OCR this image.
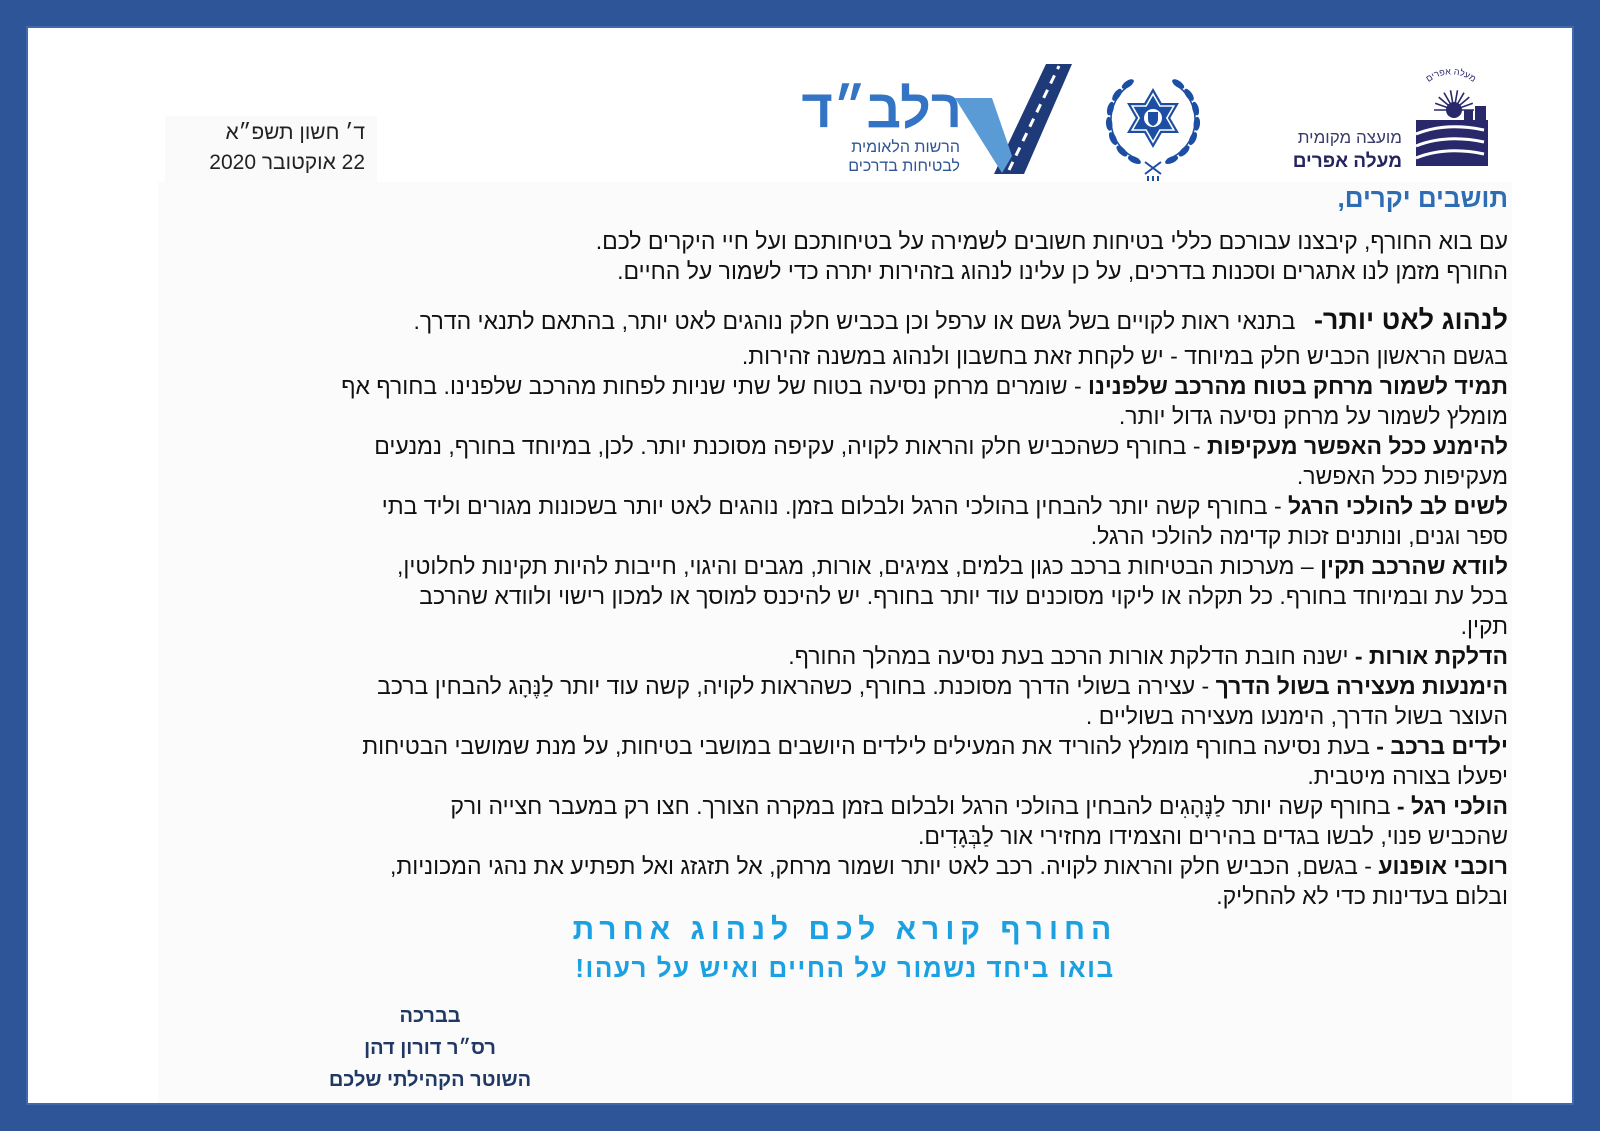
ד׳ חשון תשפ״א
22 אוקטובר 2020
רלב״ד
הרשות הלאומית
לבטיחות בדרכים
מעלה אפרים
מועצה מקומית
מעלה אפרים
תושבים יקרים,
עם בוא החורף, קיבצנו עבורכם כללי בטיחות חשובים לשמירה על בטיחותכם ועל חיי היקרים לכם.
החורף מזמן לנו אתגרים וסכנות בדרכים, על כן עלינו לנהוג בזהירות יתרה כדי לשמור על החיים.
לנהוג לאט יותר- בתנאי ראות לקויים בשל גשם או ערפל וכן בכביש חלק נוהגים לאט יותר, בהתאם לתנאי הדרך.
בגשם הראשון הכביש חלק במיוחד - יש לקחת זאת בחשבון ולנהוג במשנה זהירות.
תמיד לשמור מרחק בטוח מהרכב שלפנינו - שומרים מרחק נסיעה בטוח של שתי שניות לפחות מהרכב שלפנינו. בחורף אף
מומלץ לשמור על מרחק נסיעה גדול יותר.
להימנע ככל האפשר מעקיפות - בחורף כשהכביש חלק והראות לקויה, עקיפה מסוכנת יותר. לכן, במיוחד בחורף, נמנעים
מעקיפות ככל האפשר.
לשים לב להולכי הרגל - בחורף קשה יותר להבחין בהולכי הרגל ולבלום בזמן. נוהגים לאט יותר בשכונות מגורים וליד בתי
ספר וגנים, ונותנים זכות קדימה להולכי הרגל.
לוודא שהרכב תקין – מערכות הבטיחות ברכב כגון בלמים, צמיגים, אורות, מגבים והיגוי, חייבות להיות תקינות לחלוטין,
בכל עת ובמיוחד בחורף. כל תקלה או ליקוי מסוכנים עוד יותר בחורף. יש להיכנס למוסך או למכון רישוי ולוודא שהרכב
תקין.
הדלקת אורות - ישנה חובת הדלקת אורות הרכב בעת נסיעה במהלך החורף.
הימנעות מעצירה בשול הדרך - עצירה בשולי הדרך מסוכנת. בחורף, כשהראות לקויה, קשה עוד יותר לַנֶּהָג להבחין ברכב
העוצר בשול הדרך, הימנעו מעצירה בשוליים .
ילדים ברכב - בעת נסיעה בחורף מומלץ להוריד את המעילים לילדים היושבים במושבי בטיחות, על מנת שמושבי הבטיחות
יפעלו בצורה מיטבית.
הולכי רגל - בחורף קשה יותר לַנֶּהָגִים להבחין בהולכי הרגל ולבלום בזמן במקרה הצורך. חצו רק במעבר חצייה ורק
שהכביש פנוי, לבשו בגדים בהירים והצמידו מחזירי אור לַבְּגָדִים.
רוכבי אופנוע - בגשם, הכביש חלק והראות לקויה. רכב לאט יותר ושמור מרחק, אל תזגזג ואל תפתיע את נהגי המכוניות,
ובלום בעדינות כדי לא להחליק.
החורף קורא לכם לנהוג אחרת
בואו ביחד נשמור על החיים ואיש על רעהו!
בברכה
רס״ר דורון דהן
השוטר הקהילתי שלכם
